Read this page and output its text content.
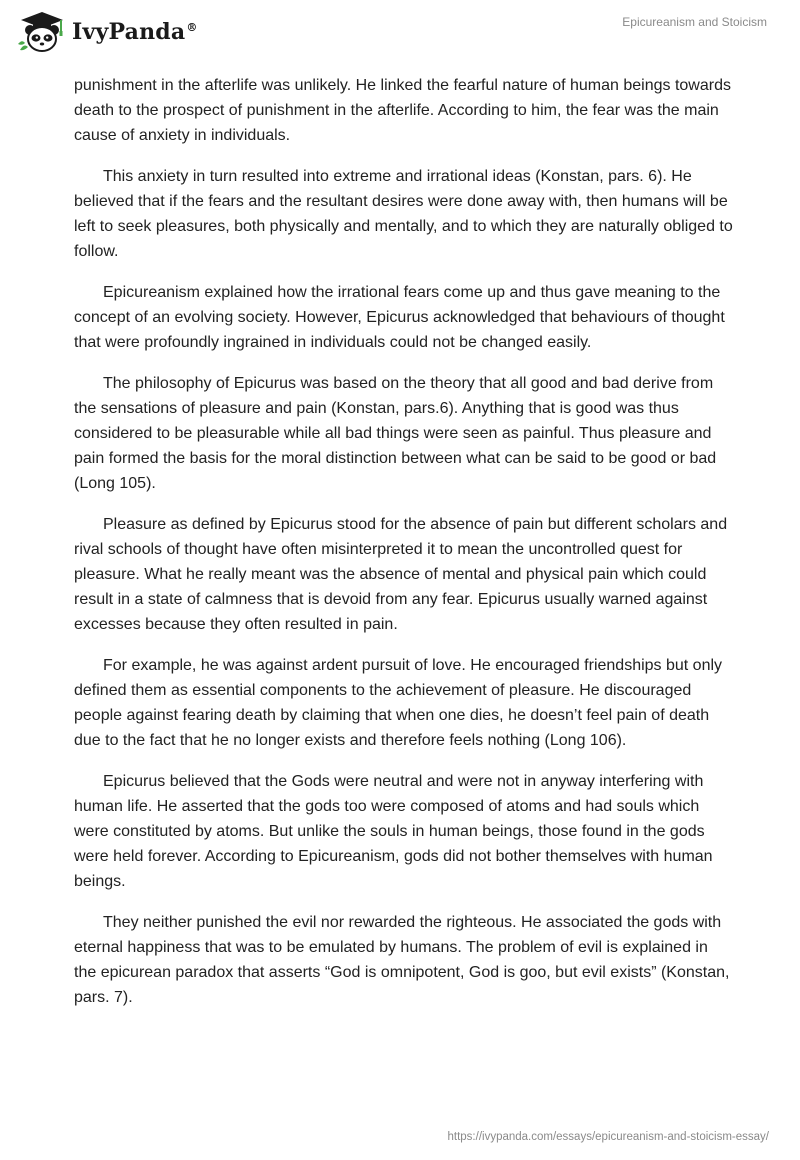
IvyPanda®	Epicureanism and Stoicism

punishment in the afterlife was unlikely. He linked the fearful nature of human beings towards death to the prospect of punishment in the afterlife. According to him, the fear was the main cause of anxiety in individuals.

This anxiety in turn resulted into extreme and irrational ideas (Konstan, pars. 6). He believed that if the fears and the resultant desires were done away with, then humans will be left to seek pleasures, both physically and mentally, and to which they are naturally obliged to follow.

Epicureanism explained how the irrational fears come up and thus gave meaning to the concept of an evolving society. However, Epicurus acknowledged that behaviours of thought that were profoundly ingrained in individuals could not be changed easily.

The philosophy of Epicurus was based on the theory that all good and bad derive from the sensations of pleasure and pain (Konstan, pars.6). Anything that is good was thus considered to be pleasurable while all bad things were seen as painful. Thus pleasure and pain formed the basis for the moral distinction between what can be said to be good or bad (Long 105).

Pleasure as defined by Epicurus stood for the absence of pain but different scholars and rival schools of thought have often misinterpreted it to mean the uncontrolled quest for pleasure. What he really meant was the absence of mental and physical pain which could result in a state of calmness that is devoid from any fear. Epicurus usually warned against excesses because they often resulted in pain.

For example, he was against ardent pursuit of love. He encouraged friendships but only defined them as essential components to the achievement of pleasure. He discouraged people against fearing death by claiming that when one dies, he doesn’t feel pain of death due to the fact that he no longer exists and therefore feels nothing (Long 106).

Epicurus believed that the Gods were neutral and were not in anyway interfering with human life. He asserted that the gods too were composed of atoms and had souls which were constituted by atoms. But unlike the souls in human beings, those found in the gods were held forever. According to Epicureanism, gods did not bother themselves with human beings.

They neither punished the evil nor rewarded the righteous. He associated the gods with eternal happiness that was to be emulated by humans. The problem of evil is explained in the epicurean paradox that asserts “God is omnipotent, God is goo, but evil exists” (Konstan, pars. 7).

https://ivypanda.com/essays/epicureanism-and-stoicism-essay/
